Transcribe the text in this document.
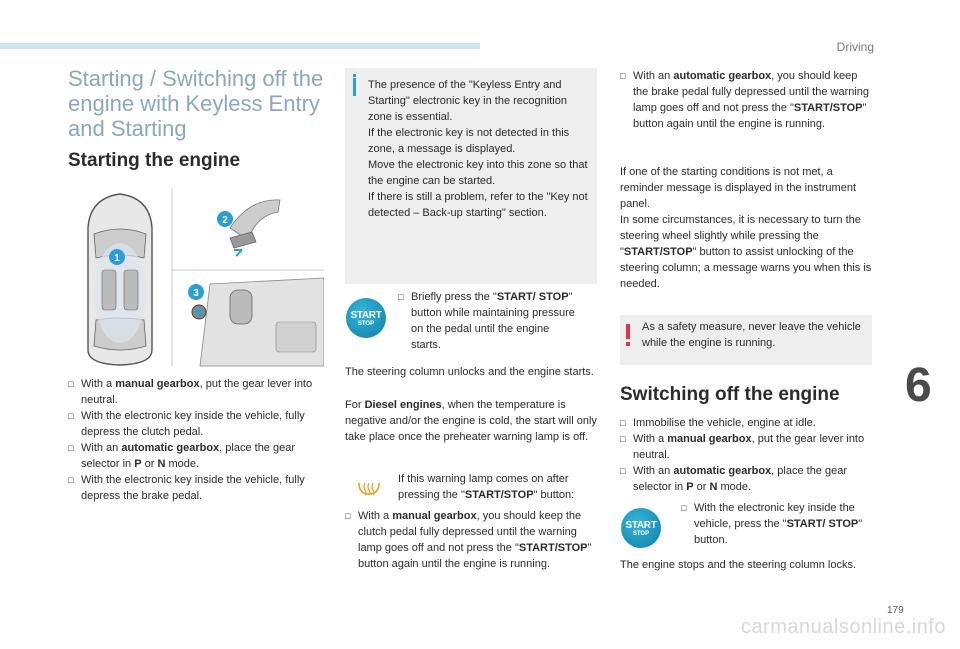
Driving
Starting / Switching off the engine with Keyless Entry and Starting
Starting the engine
1
2
3
□ With a manual gearbox, put the gear lever into neutral.
□ With the electronic key inside the vehicle, fully depress the clutch pedal.
□ With an automatic gearbox, place the gear selector in P or N mode.
□ With the electronic key inside the vehicle, fully depress the brake pedal.

The presence of the "Keyless Entry and Starting" electronic key in the recognition zone is essential.
If the electronic key is not detected in this zone, a message is displayed.
Move the electronic key into this zone so that the engine can be started.
If there is still a problem, refer to the "Key not detected – Back-up starting" section.

START
STOP
□ Briefly press the "START/ STOP" button while maintaining pressure on the pedal until the engine starts.

The steering column unlocks and the engine starts.

For Diesel engines, when the temperature is negative and/or the engine is cold, the start will only take place once the preheater warning lamp is off.

If this warning lamp comes on after pressing the "START/STOP" button:

□ With a manual gearbox, you should keep the clutch pedal fully depressed until the warning lamp goes off and not press the "START/STOP" button again until the engine is running.
□ With an automatic gearbox, you should keep the brake pedal fully depressed until the warning lamp goes off and not press the "START/STOP" button again until the engine is running.

If one of the starting conditions is not met, a reminder message is displayed in the instrument panel.
In some circumstances, it is necessary to turn the steering wheel slightly while pressing the "START/STOP" button to assist unlocking of the steering column; a message warns you when this is needed.

As a safety measure, never leave the vehicle while the engine is running.

Switching off the engine
□ Immobilise the vehicle, engine at idle.
□ With a manual gearbox, put the gear lever into neutral.
□ With an automatic gearbox, place the gear selector in P or N mode.
START
STOP
□ With the electronic key inside the vehicle, press the "START/ STOP" button.

The engine stops and the steering column locks.

6
179
carmanualsonline.info
